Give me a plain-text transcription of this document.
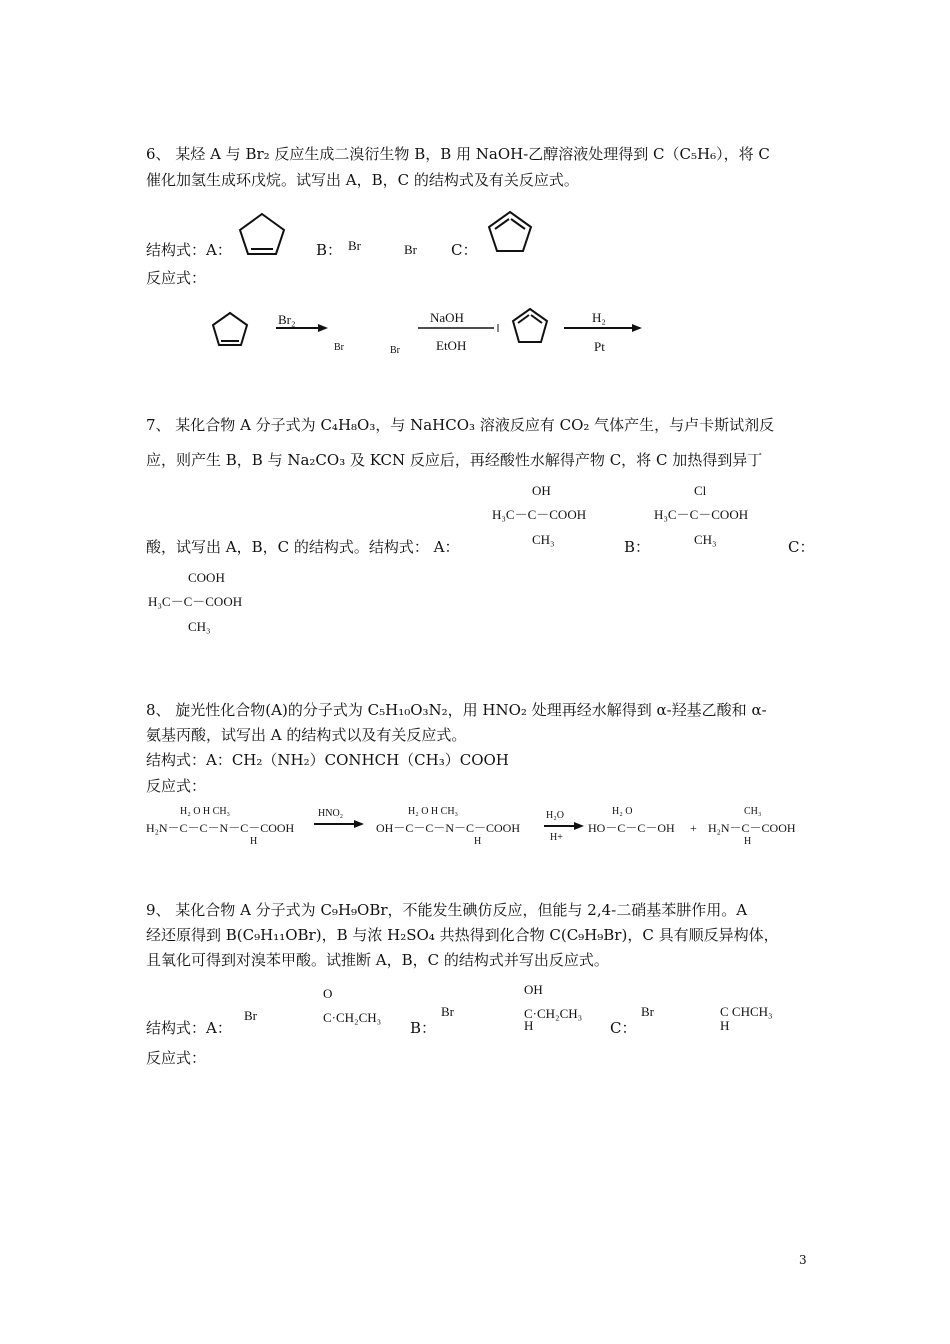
6、 某烃 A 与 Br₂ 反应生成二溴衍生物 B，B 用 NaOH-乙醇溶液处理得到 C（C₅H₆），将 C
催化加氢生成环戊烷。试写出 A，B，C 的结构式及有关反应式。
结构式：A：	B： Br	Br C：
反应式：
Br₂
Br	Br
NaOH
EtOH
H₂
Pt
7、 某化合物 A 分子式为 C₄H₈O₃，与 NaHCO₃ 溶液反应有 CO₂ 气体产生，与卢卡斯试剂反
应，则产生 B，B 与 Na₂CO₃ 及 KCN 反应后，再经酸性水解得产物 C，将 C 加热得到异丁
OH
H₃C－C－COOH
CH₃
Cl
H₃C－C－COOH
CH₃
酸，试写出 A，B，C 的结构式。结构式： A：	B：	C：
COOH
H₃C－C－COOH
CH₃
8、 旋光性化合物(A)的分子式为 C₅H₁₀O₃N₂，用 HNO₂ 处理再经水解得到 α-羟基乙酸和 α-
氨基丙酸，试写出 A 的结构式以及有关反应式。
结构式：A：CH₂（NH₂）CONHCH（CH₃）COOH
反应式：
H₂ O H CH₃
H₂N－C－C－N－C－COOH
H
HNO₂	H₂ O H CH₃
OH－C－C－N－C－COOH
H
H₂O
H+
H₂ O
HO－C－C－OH +
CH₃
H₂N－C－COOH
H
9、 某化合物 A 分子式为 C₉H₉OBr，不能发生碘仿反应，但能与 2,4-二硝基苯肼作用。A
经还原得到 B(C₉H₁₁OBr)，B 与浓 H₂SO₄ 共热得到化合物 C(C₉H₉Br)，C 具有顺反异构体，
且氧化可得到对溴苯甲酸。试推断 A，B，C 的结构式并写出反应式。
结构式：A：
Br
O
C·CH₂CH₃
B：
Br
OH
C·CH₂CH₃
H	C：
Br	C CHCH₃
H
反应式：
3
